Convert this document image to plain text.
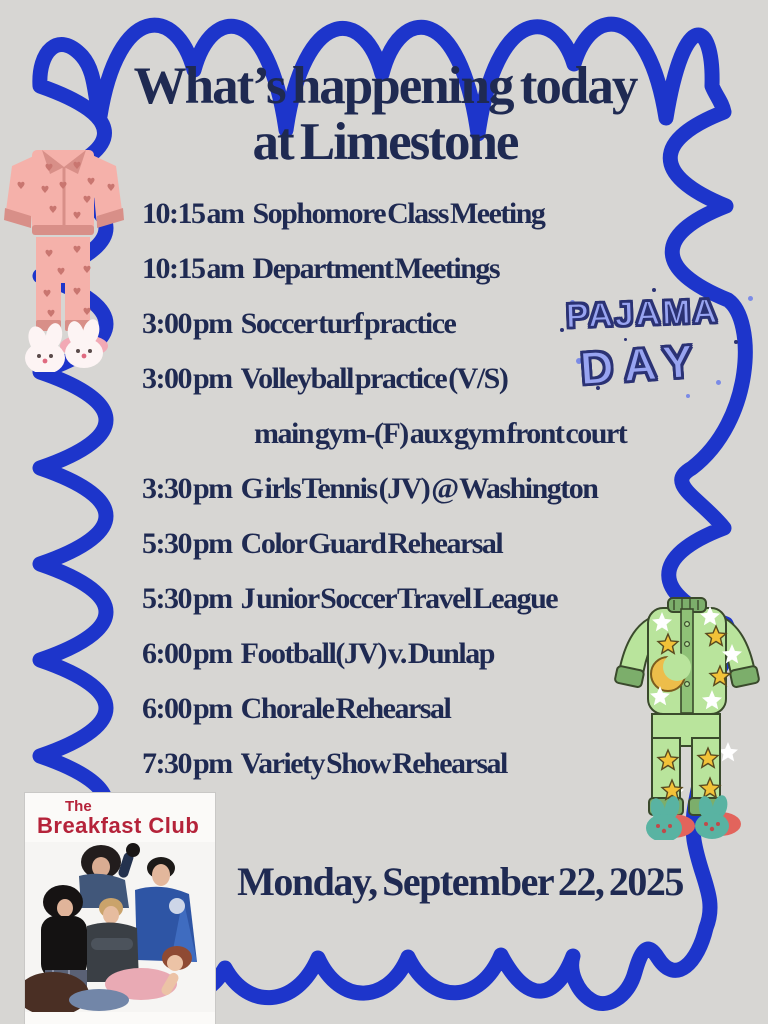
PAJAMA
DAY
What’s happening today
at Limestone
10:15 am Sophomore Class Meeting
10:15 am Department Meetings
3:00 pm Soccer turf practice
3:00 pm Volleyball practice (V/S)
main gym-(F) aux gym front court
3:30 pm G irls Tennis (JV) @ Washington
5:30 pm Color Guard Rehearsal
5:30 pm J unior Soccer Travel League
6:00 pm Football(JV) v. Dunlap
6:00 pm Chorale Rehearsal
7:30 pm Variety Show Rehearsal
Monday, September 22, 2025
The
Breakfast Club
